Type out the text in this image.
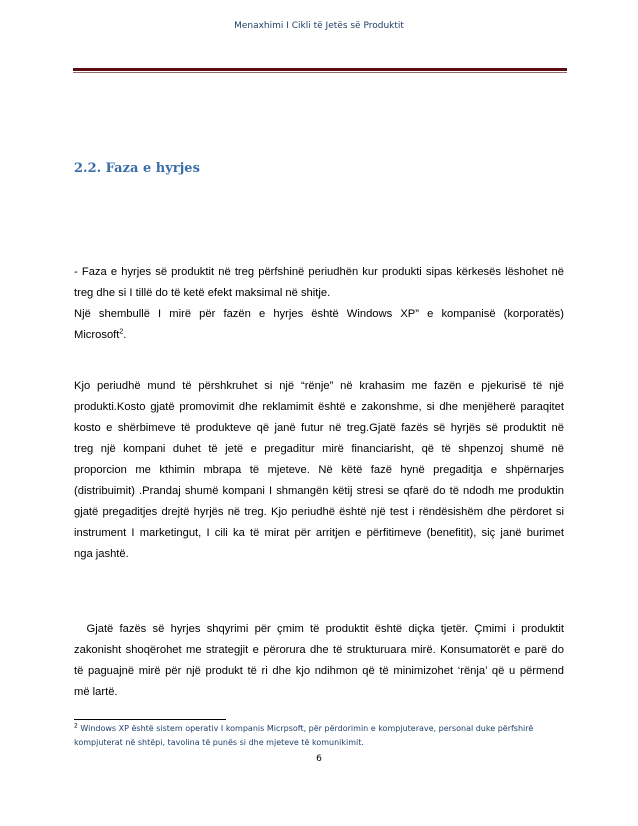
Menaxhimi I Cikli të Jetës së Produktit
2.2. Faza e hyrjes
- Faza e hyrjes së produktit në treg përfshinë periudhën kur produkti sipas kërkesës lëshohet në
treg dhe si I tillë do të ketë efekt maksimal në shitje.
Një shembullë I mirë për fazën e hyrjes është Windows XP” e kompanisë (korporatës)
Microsoft$^2$.
Kjo periudhë mund të përshkruhet si një “rënje” në krahasim me fazën e pjekurisë të një
produkti.Kosto gjatë promovimit dhe reklamimit është e zakonshme, si dhe menjëherë paraqitet
kosto e shërbimeve të produkteve që janë futur në treg.Gjatë fazës së hyrjës së produktit në
treg një kompani duhet të jetë e pregaditur mirë financiarisht, që të shpenzoj shumë në
proporcion me kthimin mbrapa të mjeteve. Në këtë fazë hynë pregaditja e shpërnarjes
(distribuimit) .Prandaj shumë kompani I shmangën këtij stresi se qfarë do të ndodh me produktin
gjatë pregaditjes drejtë hyrjës në treg. Kjo periudhë është një test i rëndësishëm dhe përdoret si
instrument I marketingut, I cili ka të mirat për arritjen e përfitimeve (benefitit), siç janë burimet
nga jashtë.
Gjatë fazës së hyrjes shqyrimi për çmim të produktit është diçka tjetër. Çmimi i produktit
zakonisht shoqërohet me strategjit e përorura dhe të strukturuara mirë. Konsumatorët e parë do
të paguajnë mirë për një produkt të ri dhe kjo ndihmon që të minimizohet ‘rënja’ që u përmend
më lartë.
$^2$ Windows XP është sistem operativ I kompanis Micrpsoft, për përdorimin e kompjuterave, personal duke përfshirë
kompjuterat në shtëpi, tavolina të punës si dhe mjeteve të komunikimit.
6
